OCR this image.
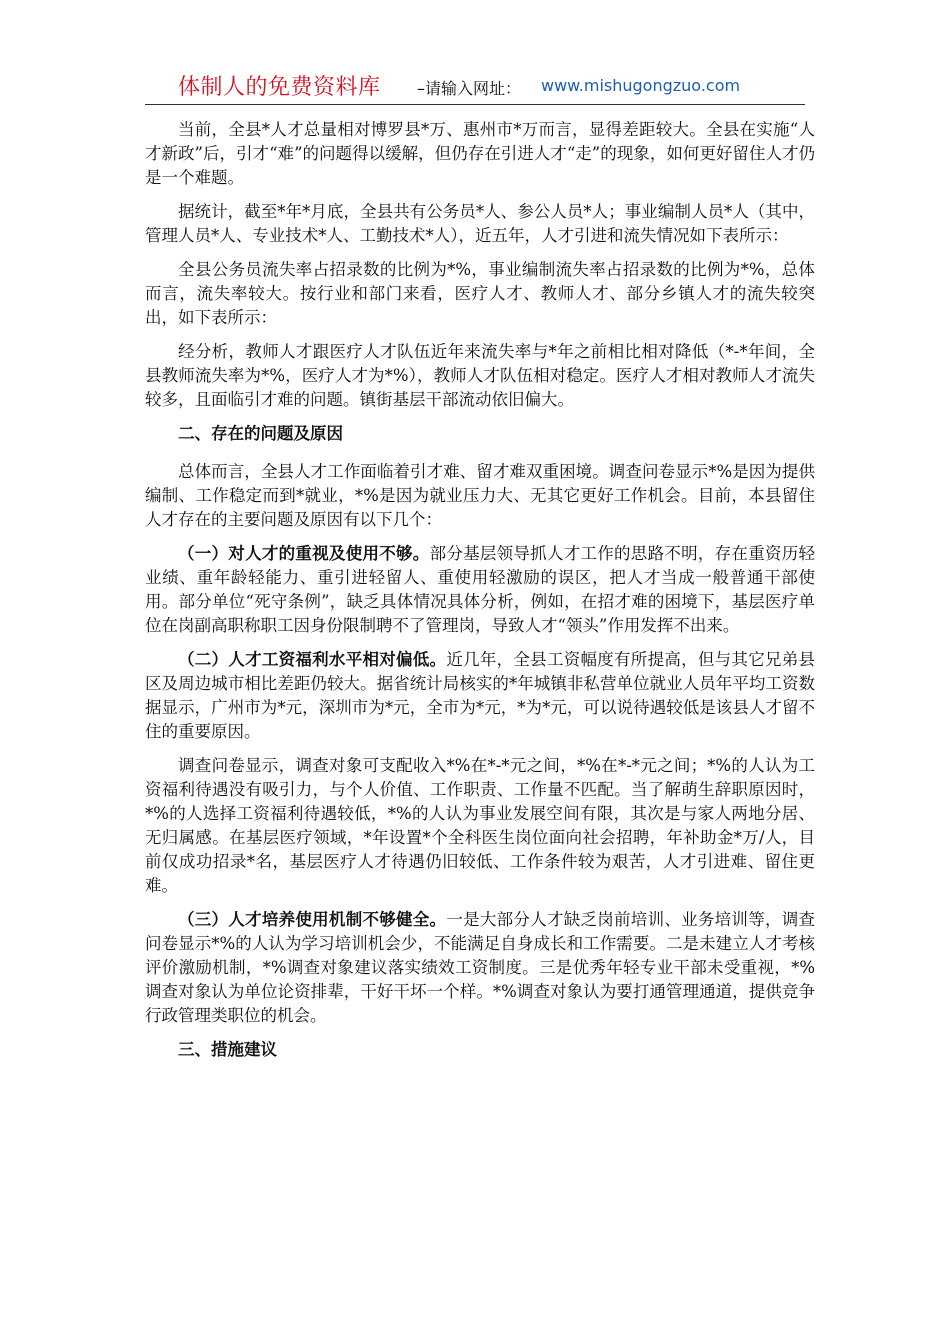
体制人的免费资料库 –请输入网址： www.mishugongzuo.com

当前，全县*人才总量相对博罗县*万、惠州市*万而言，显得差距较大。全县在实施“人才新政”后，引才“难”的问题得以缓解，但仍存在引进人才“走”的现象，如何更好留住人才仍是一个难题。

据统计，截至*年*月底，全县共有公务员*人、参公人员*人；事业编制人员*人（其中，管理人员*人、专业技术*人、工勤技术*人），近五年，人才引进和流失情况如下表所示：

全县公务员流失率占招录数的比例为*%，事业编制流失率占招录数的比例为*%，总体而言，流失率较大。按行业和部门来看，医疗人才、教师人才、部分乡镇人才的流失较突出，如下表所示：

经分析，教师人才跟医疗人才队伍近年来流失率与*年之前相比相对降低（*-*年间，全县教师流失率为*%，医疗人才为*%），教师人才队伍相对稳定。医疗人才相对教师人才流失较多，且面临引才难的问题。镇街基层干部流动依旧偏大。

二、存在的问题及原因

总体而言，全县人才工作面临着引才难、留才难双重困境。调查问卷显示*%是因为提供编制、工作稳定而到*就业，*%是因为就业压力大、无其它更好工作机会。目前，本县留住人才存在的主要问题及原因有以下几个：

（一）对人才的重视及使用不够。部分基层领导抓人才工作的思路不明，存在重资历轻业绩、重年龄轻能力、重引进轻留人、重使用轻激励的误区，把人才当成一般普通干部使用。部分单位“死守条例”，缺乏具体情况具体分析，例如，在招才难的困境下，基层医疗单位在岗副高职称职工因身份限制聘不了管理岗，导致人才“领头”作用发挥不出来。

（二）人才工资福利水平相对偏低。近几年，全县工资幅度有所提高，但与其它兄弟县区及周边城市相比差距仍较大。据省统计局核实的*年城镇非私营单位就业人员年平均工资数据显示，广州市为*元，深圳市为*元，全市为*元，*为*元，可以说待遇较低是该县人才留不住的重要原因。

调查问卷显示，调查对象可支配收入*%在*-*元之间，*%在*-*元之间；*%的人认为工资福利待遇没有吸引力，与个人价值、工作职责、工作量不匹配。当了解萌生辞职原因时，*%的人选择工资福利待遇较低，*%的人认为事业发展空间有限，其次是与家人两地分居、无归属感。在基层医疗领域，*年设置*个全科医生岗位面向社会招聘，年补助金*万/人，目前仅成功招录*名，基层医疗人才待遇仍旧较低、工作条件较为艰苦，人才引进难、留住更难。

（三）人才培养使用机制不够健全。一是大部分人才缺乏岗前培训、业务培训等，调查问卷显示*%的人认为学习培训机会少，不能满足自身成长和工作需要。二是未建立人才考核评价激励机制，*%调查对象建议落实绩效工资制度。三是优秀年轻专业干部未受重视，*%调查对象认为单位论资排辈，干好干坏一个样。*%调查对象认为要打通管理通道，提供竞争行政管理类职位的机会。

三、措施建议
